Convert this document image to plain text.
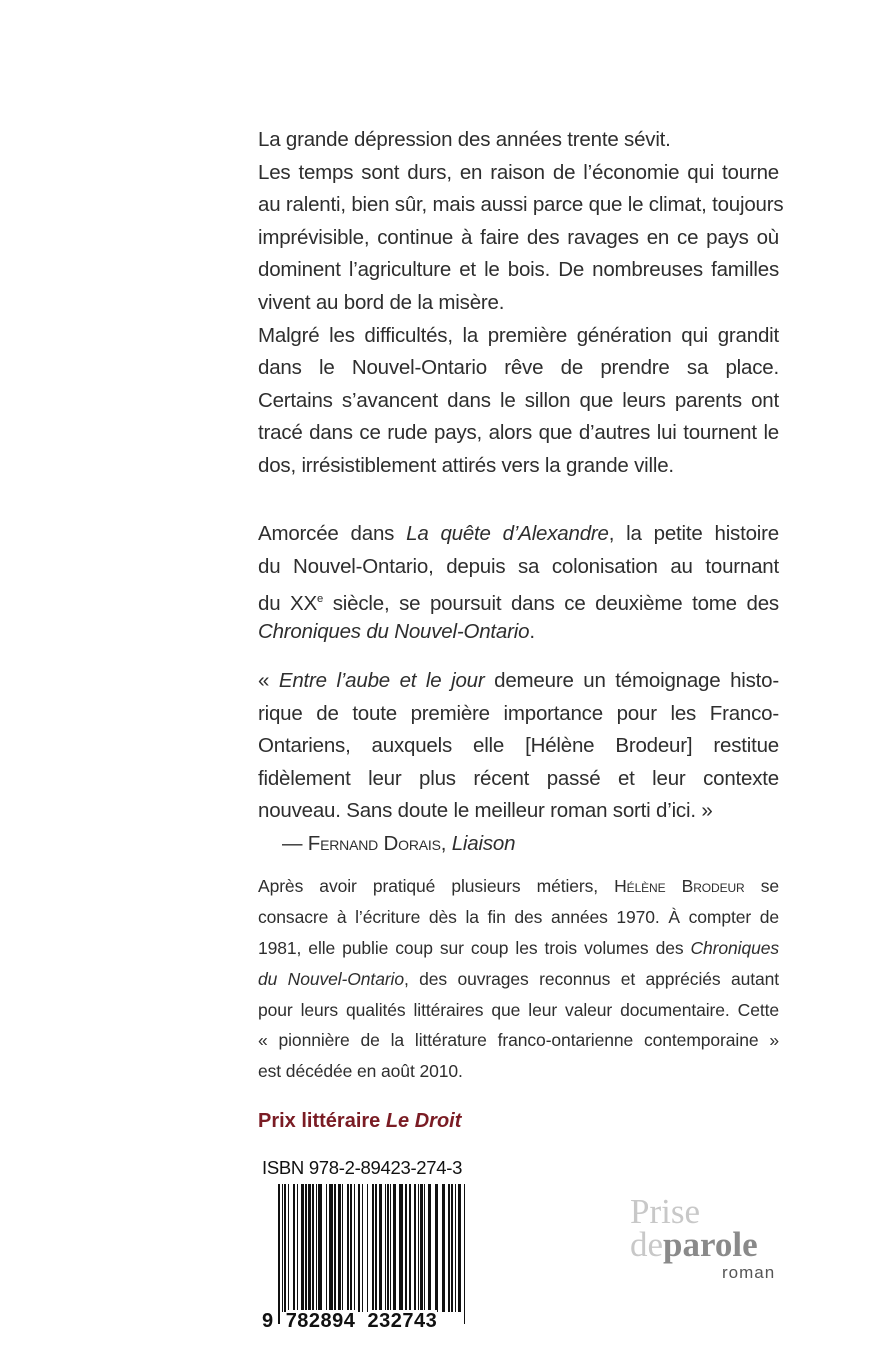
La grande dépression des années trente sévit.
Les temps sont durs, en raison de l’économie qui tourne
au ralenti, bien sûr, mais aussi parce que le climat, toujours
imprévisible, continue à faire des ravages en ce pays où
dominent l’agriculture et le bois. De nombreuses familles
vivent au bord de la misère.
Malgré les difficultés, la première génération qui grandit
dans le Nouvel-Ontario rêve de prendre sa place.
Certains s’avancent dans le sillon que leurs parents ont
tracé dans ce rude pays, alors que d’autres lui tournent le
dos, irrésistiblement attirés vers la grande ville.
Amorcée dans La quête d’Alexandre, la petite histoire
du Nouvel-Ontario, depuis sa colonisation au tournant
du XXe siècle, se poursuit dans ce deuxième tome des
Chroniques du Nouvel-Ontario.
« Entre l’aube et le jour demeure un témoignage histo-
rique de toute première importance pour les Franco-
Ontariens, auxquels elle [Hélène Brodeur] restitue
fidèlement leur plus récent passé et leur contexte
nouveau. Sans doute le meilleur roman sorti d’ici. »
— Fernand Dorais, Liaison
Après avoir pratiqué plusieurs métiers, Hélène Brodeur se
consacre à l’écriture dès la fin des années 1970. À compter de
1981, elle publie coup sur coup les trois volumes des Chroniques
du Nouvel-Ontario, des ouvrages reconnus et appréciés autant
pour leurs qualités littéraires que leur valeur documentaire. Cette
« pionnière de la littérature franco-ontarienne contemporaine »
est décédée en août 2010.
Prix littéraire Le Droit
ISBN 978-2-89423-274-3
9 782894 232743
Prise
deparole
roman
